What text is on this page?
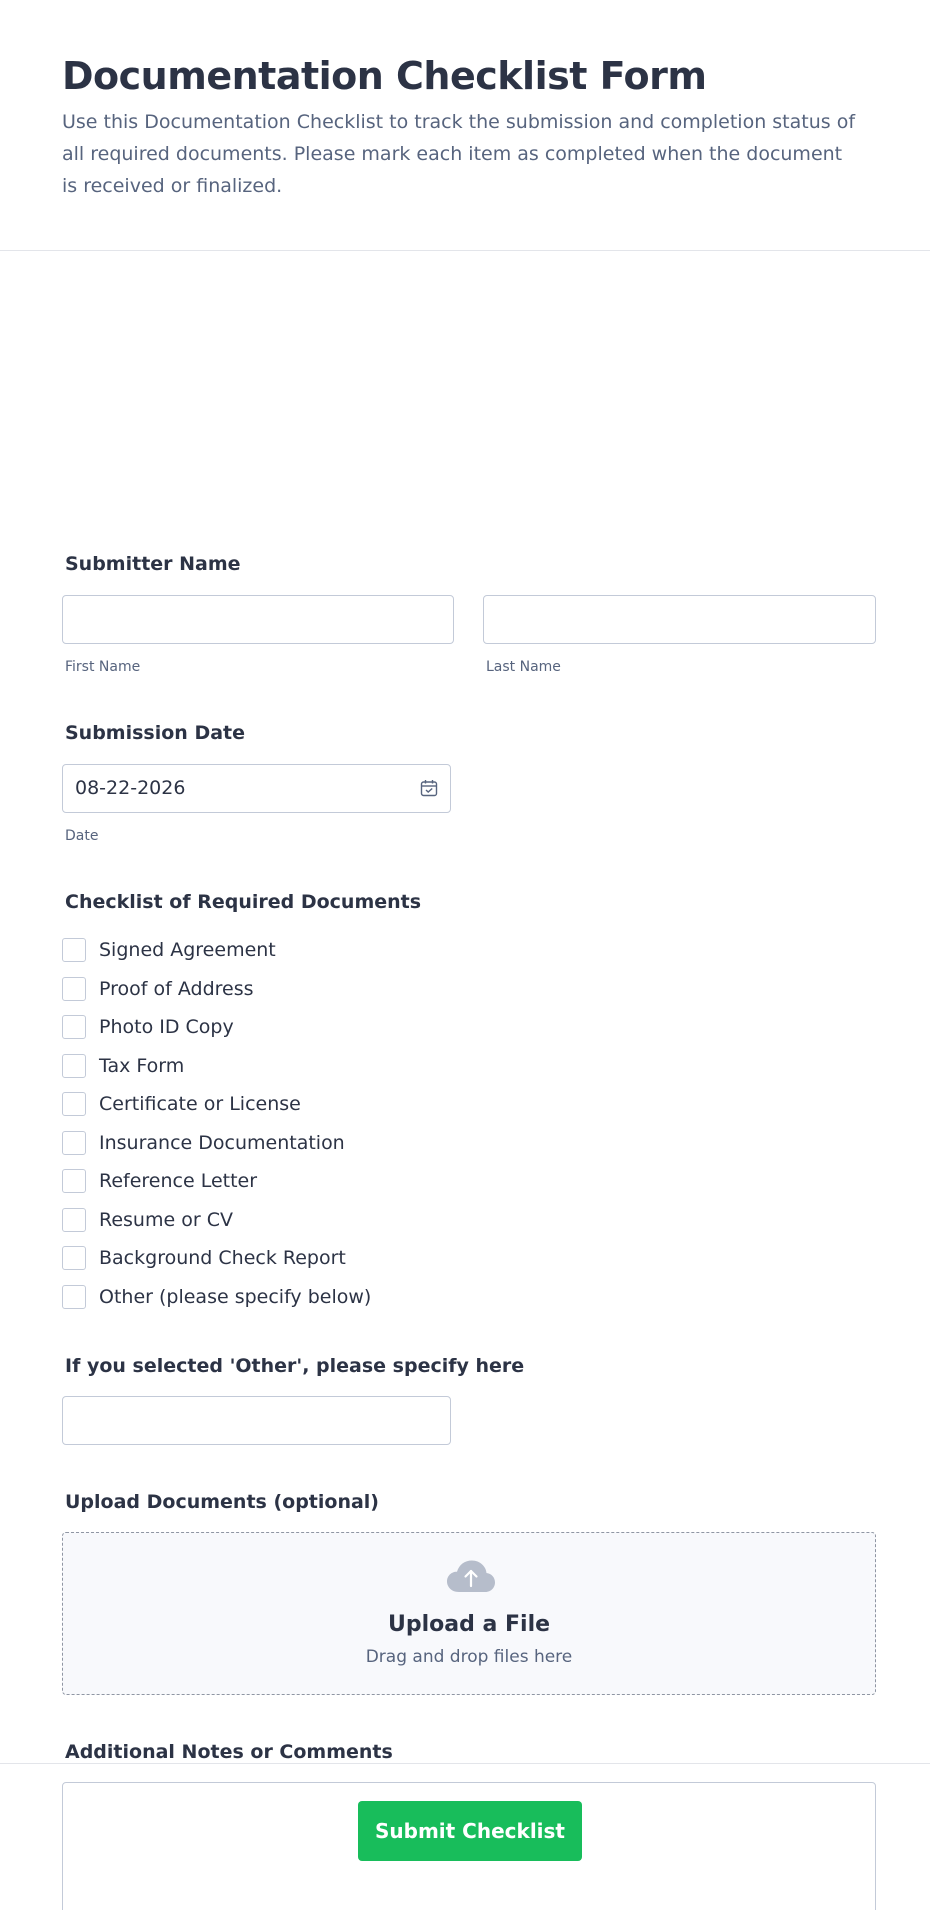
Documentation Checklist Form

Use this Documentation Checklist to track the submission and completion status of all required documents. Please mark each item as completed when the document is received or finalized.

Submitter Name
First Name	Last Name
Submission Date
08-22-2026
Date
Checklist of Required Documents
Signed Agreement
Proof of Address
Photo ID Copy
Tax Form
Certificate or License
Insurance Documentation
Reference Letter
Resume or CV
Background Check Report
Other (please specify below)
If you selected 'Other', please specify here
Upload Documents (optional)
Upload a File
Drag and drop files here
Additional Notes or Comments
Submit Checklist
